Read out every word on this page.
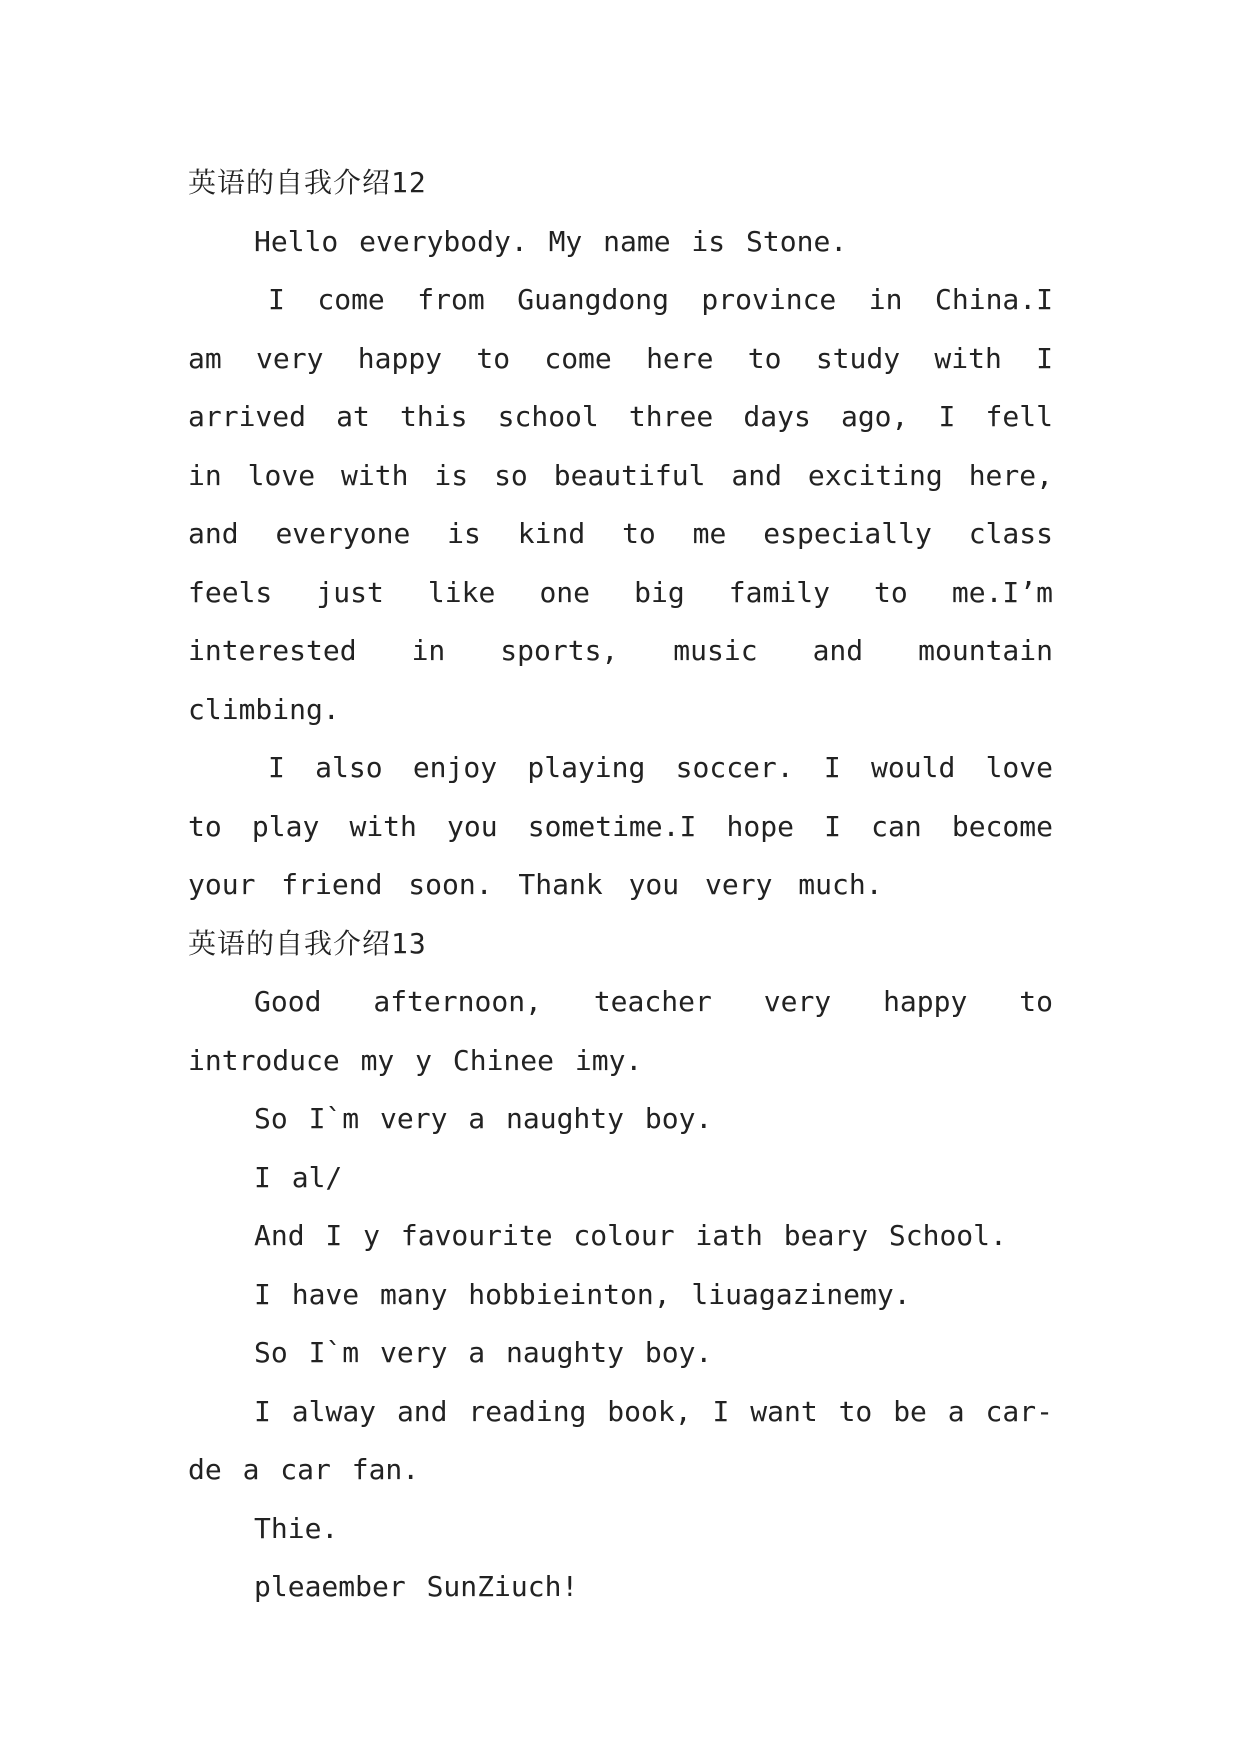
英语的自我介绍12

Hello everybody. My name is Stone.

I come from Guangdong province in China.I am very happy to come here to study with I arrived at this school three days ago, I fell in love with is so beautiful and exciting here, and everyone is kind to me especially class feels just like one big family to me.I’m interested in sports, music and mountain climbing.

I also enjoy playing soccer. I would love to play with you sometime.I hope I can become your friend soon. Thank you very much.

英语的自我介绍13

Good afternoon, teacher very happy to introduce my y Chinee imy.

So I`m very a naughty boy.

I al/

And I y favourite colour iath beary School.

I have many hobbieinton, liuagazinemy.

So I`m very a naughty boy.

I alway and reading book, I want to be a car-de a car fan.

Thie.

pleaember SunZiuch!
